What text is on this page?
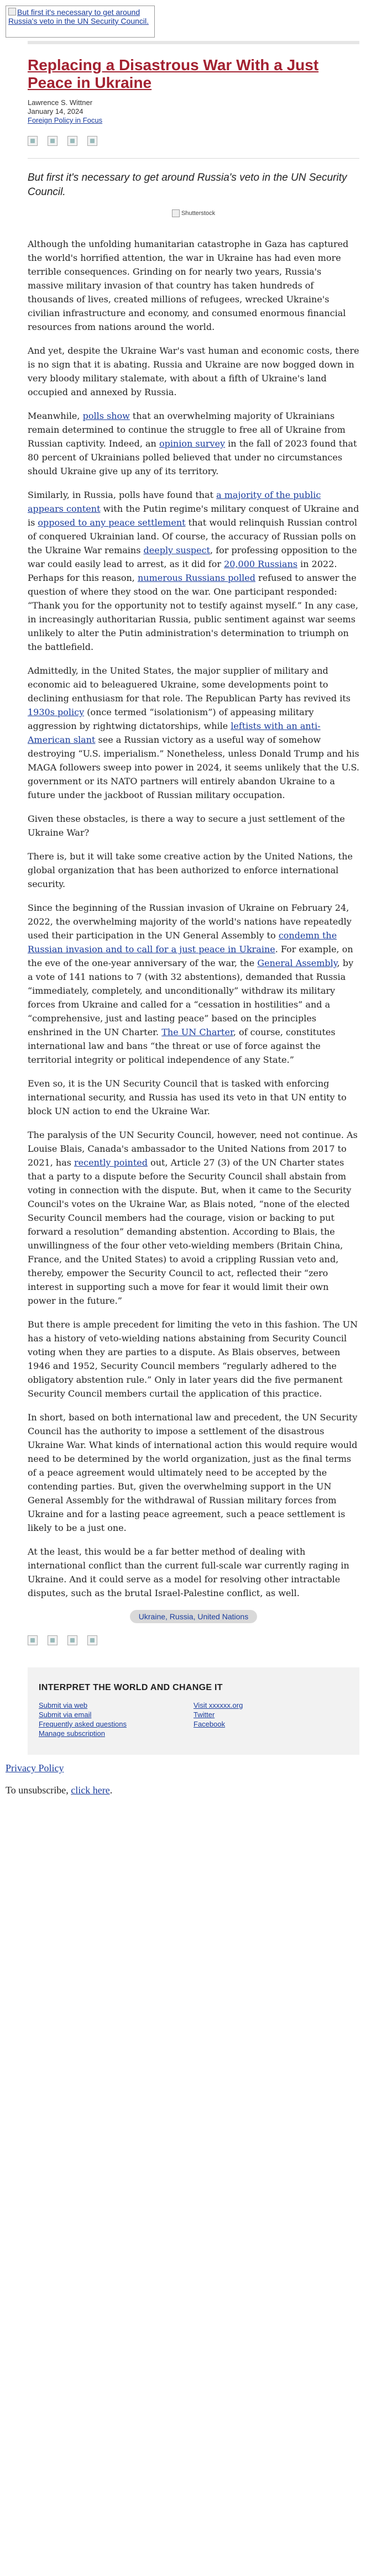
But first it's necessary to get around Russia's veto in the UN Security Council.
Replacing a Disastrous War With a Just Peace in Ukraine
Lawrence S. Wittner
January 14, 2024
Foreign Policy in Focus
But first it's necessary to get around Russia's veto in the UN Security Council.
Shutterstock

Although the unfolding humanitarian catastrophe in Gaza has captured the world's horrified attention, the war in Ukraine has had even more terrible consequences. Grinding on for nearly two years, Russia's massive military invasion of that country has taken hundreds of thousands of lives, created millions of refugees, wrecked Ukraine's civilian infrastructure and economy, and consumed enormous financial resources from nations around the world.

And yet, despite the Ukraine War's vast human and economic costs, there is no sign that it is abating. Russia and Ukraine are now bogged down in very bloody military stalemate, with about a fifth of Ukraine's land occupied and annexed by Russia.

Meanwhile, polls show that an overwhelming majority of Ukrainians remain determined to continue the struggle to free all of Ukraine from Russian captivity. Indeed, an opinion survey in the fall of 2023 found that 80 percent of Ukrainians polled believed that under no circumstances should Ukraine give up any of its territory.

Similarly, in Russia, polls have found that a majority of the public appears content with the Putin regime's military conquest of Ukraine and is opposed to any peace settlement that would relinquish Russian control of conquered Ukrainian land. Of course, the accuracy of Russian polls on the Ukraine War remains deeply suspect, for professing opposition to the war could easily lead to arrest, as it did for 20,000 Russians in 2022. Perhaps for this reason, numerous Russians polled refused to answer the question of where they stood on the war. One participant responded: “Thank you for the opportunity not to testify against myself.” In any case, in increasingly authoritarian Russia, public sentiment against war seems unlikely to alter the Putin administration's determination to triumph on the battlefield.

Admittedly, in the United States, the major supplier of military and economic aid to beleaguered Ukraine, some developments point to declining enthusiasm for that role. The Republican Party has revived its 1930s policy (once termed “isolationism”) of appeasing military aggression by rightwing dictatorships, while leftists with an anti-American slant see a Russian victory as a useful way of somehow destroying “U.S. imperialism.” Nonetheless, unless Donald Trump and his MAGA followers sweep into power in 2024, it seems unlikely that the U.S. government or its NATO partners will entirely abandon Ukraine to a future under the jackboot of Russian military occupation.

Given these obstacles, is there a way to secure a just settlement of the Ukraine War?

There is, but it will take some creative action by the United Nations, the global organization that has been authorized to enforce international security.

Since the beginning of the Russian invasion of Ukraine on February 24, 2022, the overwhelming majority of the world's nations have repeatedly used their participation in the UN General Assembly to condemn the Russian invasion and to call for a just peace in Ukraine. For example, on the eve of the one-year anniversary of the war, the General Assembly, by a vote of 141 nations to 7 (with 32 abstentions), demanded that Russia “immediately, completely, and unconditionally” withdraw its military forces from Ukraine and called for a “cessation in hostilities” and a “comprehensive, just and lasting peace” based on the principles enshrined in the UN Charter. The UN Charter, of course, constitutes international law and bans “the threat or use of force against the territorial integrity or political independence of any State.”

Even so, it is the UN Security Council that is tasked with enforcing international security, and Russia has used its veto in that UN entity to block UN action to end the Ukraine War.

The paralysis of the UN Security Council, however, need not continue. As Louise Blais, Canada's ambassador to the United Nations from 2017 to 2021, has recently pointed out, Article 27 (3) of the UN Charter states that a party to a dispute before the Security Council shall abstain from voting in connection with the dispute. But, when it came to the Security Council's votes on the Ukraine War, as Blais noted, “none of the elected Security Council members had the courage, vision or backing to put forward a resolution” demanding abstention. According to Blais, the unwillingness of the four other veto-wielding members (Britain China, France, and the United States) to avoid a crippling Russian veto and, thereby, empower the Security Council to act, reflected their “zero interest in supporting such a move for fear it would limit their own power in the future.”

But there is ample precedent for limiting the veto in this fashion. The UN has a history of veto-wielding nations abstaining from Security Council voting when they are parties to a dispute. As Blais observes, between 1946 and 1952, Security Council members “regularly adhered to the obligatory abstention rule.” Only in later years did the five permanent Security Council members curtail the application of this practice.

In short, based on both international law and precedent, the UN Security Council has the authority to impose a settlement of the disastrous Ukraine War. What kinds of international action this would require would need to be determined by the world organization, just as the final terms of a peace agreement would ultimately need to be accepted by the contending parties. But, given the overwhelming support in the UN General Assembly for the withdrawal of Russian military forces from Ukraine and for a lasting peace agreement, such a peace settlement is likely to be a just one.

At the least, this would be a far better method of dealing with international conflict than the current full-scale war currently raging in Ukraine. And it could serve as a model for resolving other intractable disputes, such as the brutal Israel-Palestine conflict, as well.

Ukraine, Russia, United Nations
INTERPRET THE WORLD AND CHANGE IT
Submit via web
Submit via email
Frequently asked questions
Manage subscription
Visit xxxxxx.org
Twitter
Facebook

Privacy Policy

To unsubscribe, click here.
